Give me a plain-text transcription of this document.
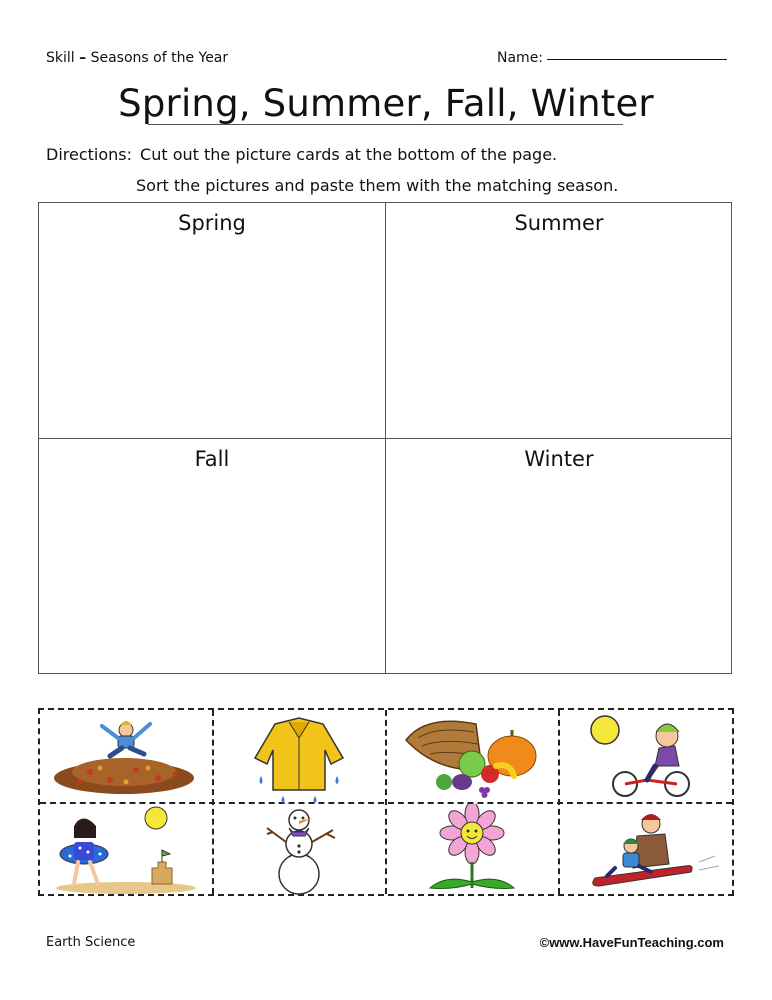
Skill – Seasons of the Year	Name:
Spring, Summer, Fall, Winter
Directions: Cut out the picture cards at the bottom of the page.
Sort the pictures and paste them with the matching season.
Spring	Summer
Fall	Winter
Earth Science	©www.HaveFunTeaching.com
